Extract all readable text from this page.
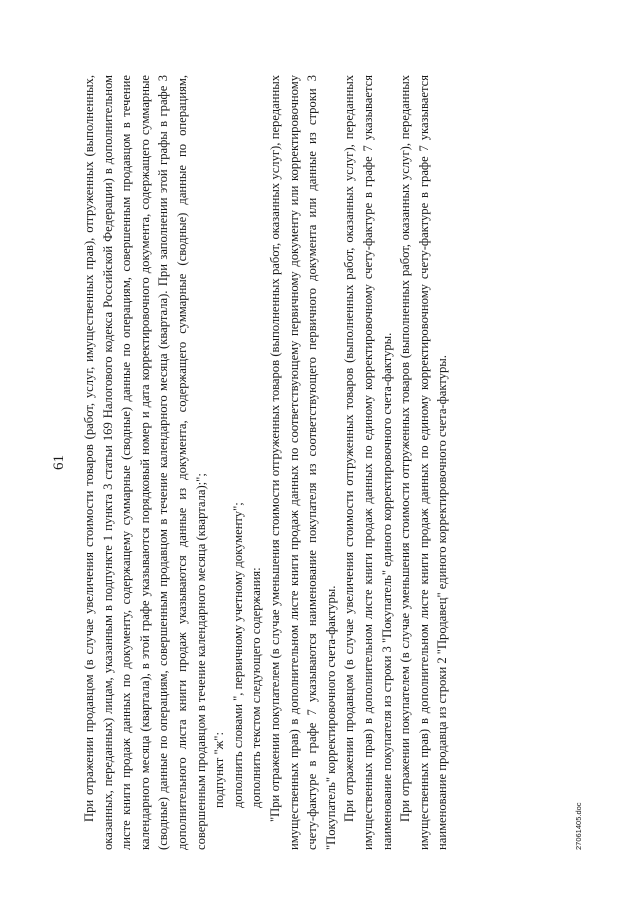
61 При отражении продавцом (в случае увеличения стоимости товаров (работ, услуг, имущественных прав), отгруженных (выполненных, оказанных, переданных) лицам, указанным в подпункте 1 пункта 3 статьи 169 Налогового кодекса Российской Федерации) в дополнительном листе книги продаж данных по документу, содержащему суммарные (сводные) данные по операциям, совершенным продавцом в течение календарного месяца (квартала), в этой графе указываются порядковый номер и дата корректировочного документа, содержащего суммарные (сводные) данные по операциям, совершенным продавцом в течение календарного месяца (квартала). При заполнении этой графы в графе 3 дополнительного листа книги продаж указываются данные из документа, содержащего суммарные (сводные) данные по операциям, совершенным продавцом в течение календарного месяца (квартала);"; подпункт "ж": дополнить словами ", первичному учетному документу"; дополнить текстом следующего содержания: "При отражении покупателем (в случае уменьшения стоимости отгруженных товаров (выполненных работ, оказанных услуг), переданных имущественных прав) в дополнительном листе книги продаж данных по соответствующему первичному документу или корректировочному счету-фактуре в графе 7 указываются наименование покупателя из соответствующего первичного документа или данные из строки 3 "Покупатель" корректировочного счета-фактуры. При отражении продавцом (в случае увеличения стоимости отгруженных товаров (выполненных работ, оказанных услуг), переданных имущественных прав) в дополнительном листе книги продаж данных по единому корректировочному счету-фактуре в графе 7 указывается наименование покупателя из строки 3 "Покупатель" единого корректировочного счета-фактуры. При отражении покупателем (в случае уменьшения стоимости отгруженных товаров (выполненных работ, оказанных услуг), переданных имущественных прав) в дополнительном листе книги продаж данных по единому корректировочному счету-фактуре в графе 7 указывается наименование продавца из строки 2 "Продавец" единого корректировочного счета-фактуры.	27061405.doc
